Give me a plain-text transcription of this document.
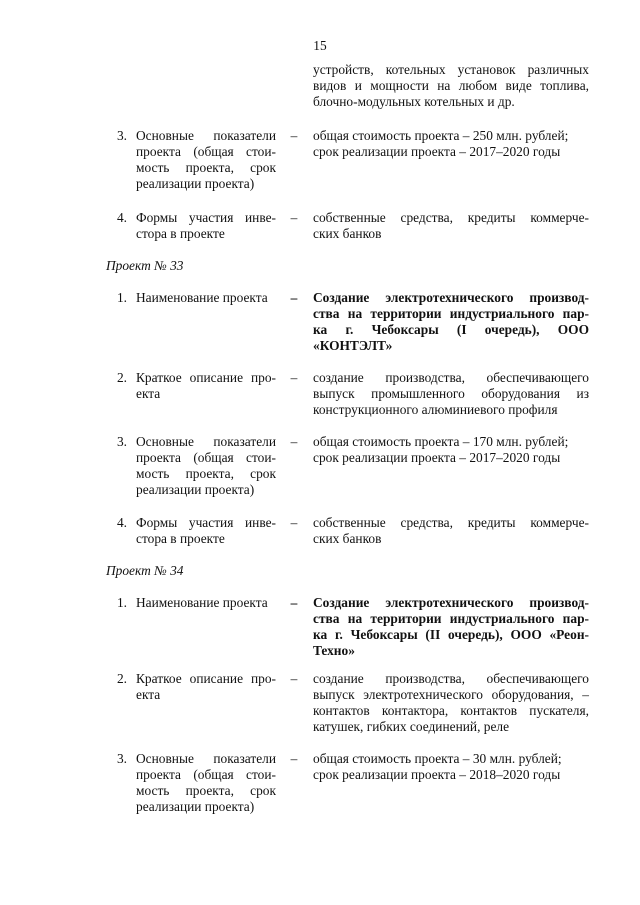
15
устройств, котельных установок различных
видов и мощности на любом виде топлива,
блочно-модульных котельных и др.
3. Основные показатели
проекта (общая стои-
мость проекта, срок
реализации проекта)
– общая стоимость проекта – 250 млн. рублей;
срок реализации проекта – 2017–2020 годы
4. Формы участия инве-
стора в проекте
– собственные средства, кредиты коммерче-
ских банков
Проект № 33
1. Наименование проекта	– Создание электротехнического производ-
ства на территории индустриального пар-
ка г. Чебоксары (I очередь), ООО
«КОНТЭЛТ»
2. Краткое описание про-
екта
– создание производства, обеспечивающего
выпуск промышленного оборудования из
конструкционного алюминиевого профиля
3. Основные показатели
проекта (общая стои-
мость проекта, срок
реализации проекта)
– общая стоимость проекта – 170 млн. рублей;
срок реализации проекта – 2017–2020 годы
4. Формы участия инве-
стора в проекте
– собственные средства, кредиты коммерче-
ских банков
Проект № 34
1. Наименование проекта	– Создание электротехнического производ-
ства на территории индустриального пар-
ка г. Чебоксары (II очередь), ООО «Реон-
Техно»
2. Краткое описание про-
екта
– создание производства, обеспечивающего
выпуск электротехнического оборудования, –
контактов контактора, контактов пускателя,
катушек, гибких соединений, реле
3. Основные показатели
проекта (общая стои-
мость проекта, срок
реализации проекта)
– общая стоимость проекта – 30 млн. рублей;
срок реализации проекта – 2018–2020 годы
